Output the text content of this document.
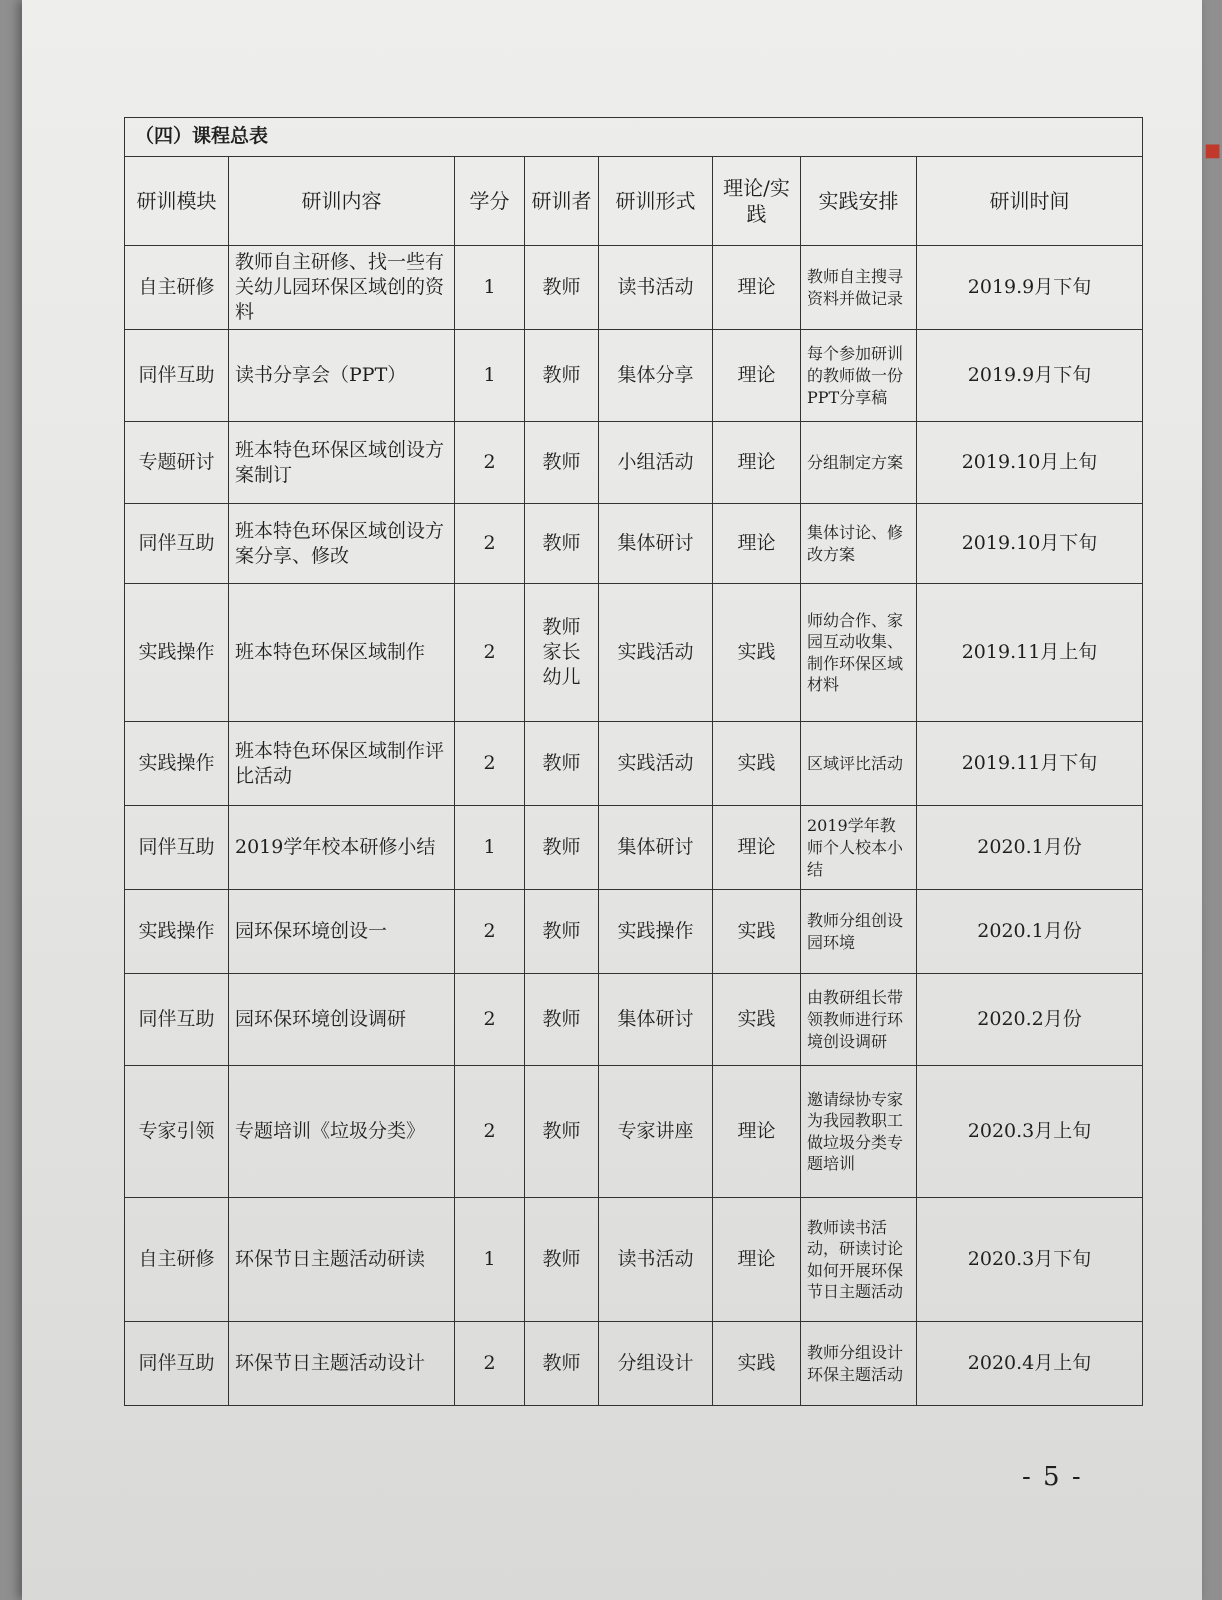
■
（四）课程总表							
研训模块	研训内容	学分	研训者	研训形式	理论/实践	实践安排	研训时间
自主研修	教师自主研修、找一些有关幼儿园环保区域创的资料	1	教师	读书活动	理论	教师自主搜寻资料并做记录	2019.9月下旬
同伴互助	读书分享会（PPT）	1	教师	集体分享	理论	每个参加研训的教师做一份PPT分享稿	2019.9月下旬
专题研讨	班本特色环保区域创设方案制订	2	教师	小组活动	理论	分组制定方案	2019.10月上旬
同伴互助	班本特色环保区域创设方案分享、修改	2	教师	集体研讨	理论	集体讨论、修改方案	2019.10月下旬
实践操作	班本特色环保区域制作	2	教师 家长 幼儿	实践活动	实践	师幼合作、家园互动收集、制作环保区域材料	2019.11月上旬
实践操作	班本特色环保区域制作评比活动	2	教师	实践活动	实践	区域评比活动	2019.11月下旬
同伴互助	2019学年校本研修小结	1	教师	集体研讨	理论	2019学年教师个人校本小结	2020.1月份
实践操作	园环保环境创设一	2	教师	实践操作	实践	教师分组创设园环境	2020.1月份
同伴互助	园环保环境创设调研	2	教师	集体研讨	实践	由教研组长带领教师进行环境创设调研	2020.2月份
专家引领	专题培训《垃圾分类》	2	教师	专家讲座	理论	邀请绿协专家为我园教职工做垃圾分类专题培训	2020.3月上旬
自主研修	环保节日主题活动研读	1	教师	读书活动	理论	教师读书活动，研读讨论如何开展环保节日主题活动	2020.3月下旬
同伴互助	环保节日主题活动设计	2	教师	分组设计	实践	教师分组设计环保主题活动	2020.4月上旬
- 5 -
